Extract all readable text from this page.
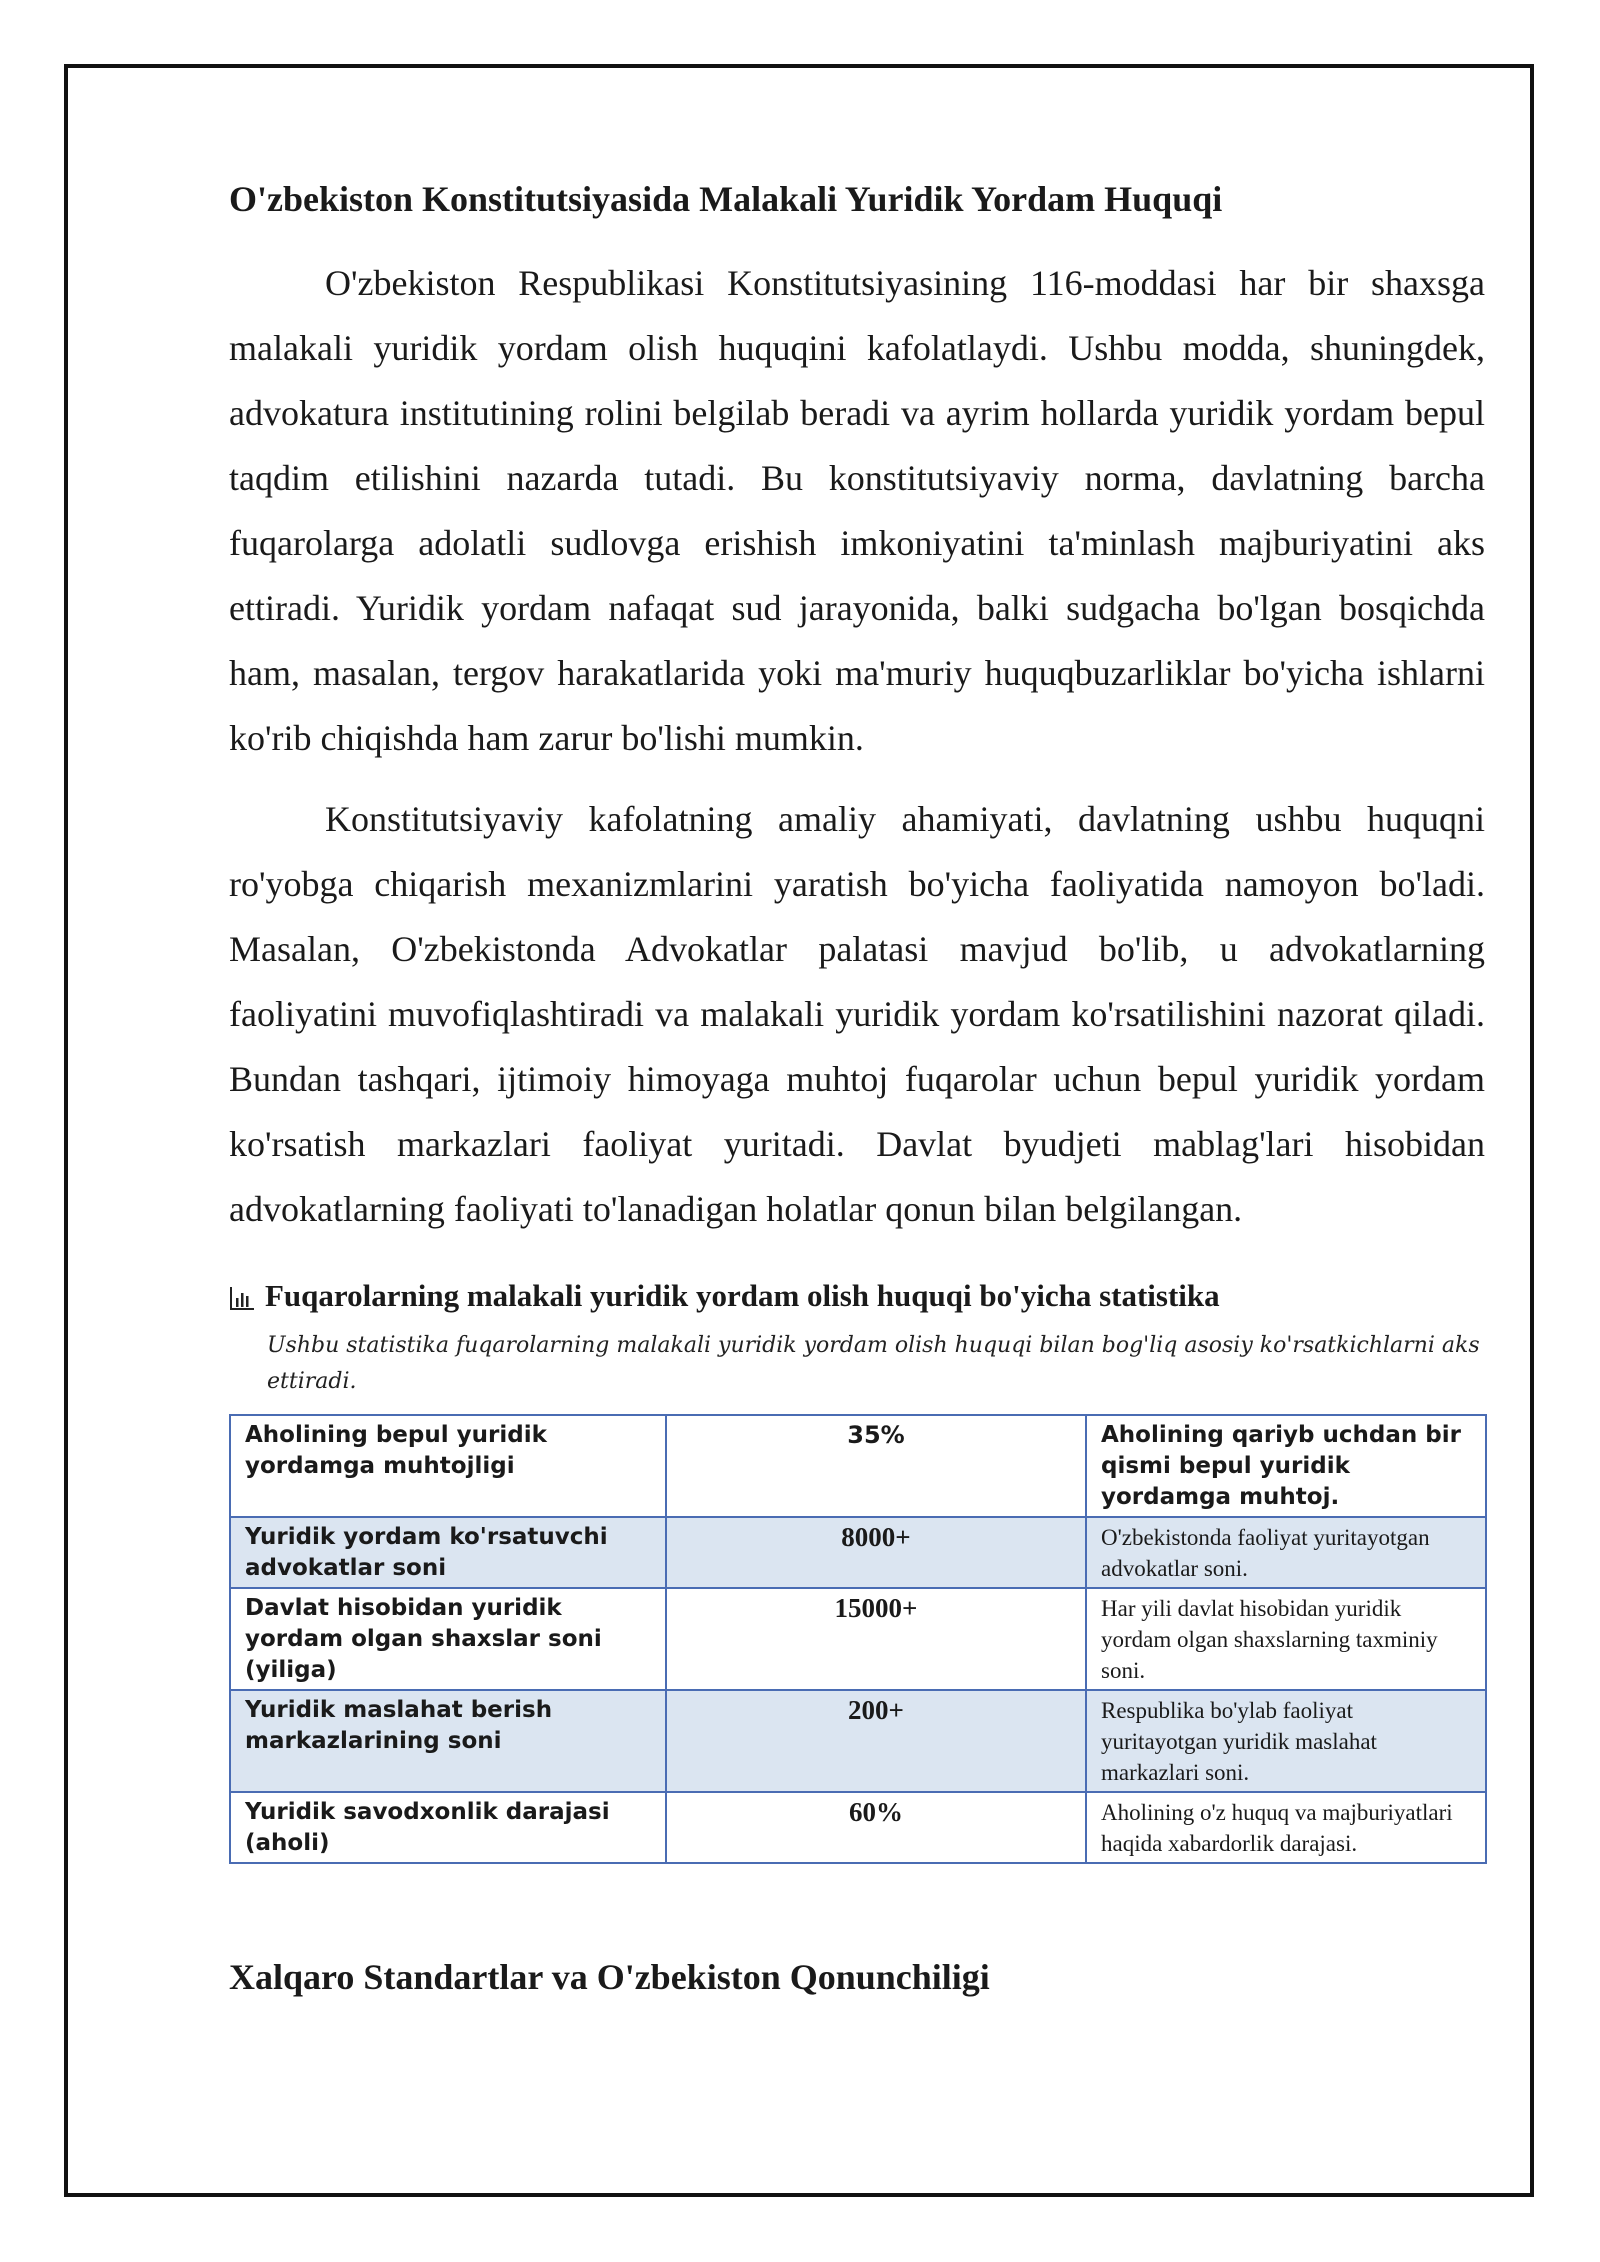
O'zbekiston Konstitutsiyasida Malakali Yuridik Yordam Huquqi

O'zbekiston Respublikasi Konstitutsiyasining 116-moddasi har bir shaxsga malakali yuridik yordam olish huquqini kafolatlaydi. Ushbu modda, shuningdek, advokatura institutining rolini belgilab beradi va ayrim hollarda yuridik yordam bepul taqdim etilishini nazarda tutadi. Bu konstitutsiyaviy norma, davlatning barcha fuqarolarga adolatli sudlovga erishish imkoniyatini ta'minlash majburiyatini aks ettiradi. Yuridik yordam nafaqat sud jarayonida, balki sudgacha bo'lgan bosqichda ham, masalan, tergov harakatlarida yoki ma'muriy huquqbuzarliklar bo'yicha ishlarni ko'rib chiqishda ham zarur bo'lishi mumkin.

Konstitutsiyaviy kafolatning amaliy ahamiyati, davlatning ushbu huquqni ro'yobga chiqarish mexanizmlarini yaratish bo'yicha faoliyatida namoyon bo'ladi. Masalan, O'zbekistonda Advokatlar palatasi mavjud bo'lib, u advokatlarning faoliyatini muvofiqlashtiradi va malakali yuridik yordam ko'rsatilishini nazorat qiladi. Bundan tashqari, ijtimoiy himoyaga muhtoj fuqarolar uchun bepul yuridik yordam ko'rsatish markazlari faoliyat yuritadi. Davlat byudjeti mablag'lari hisobidan advokatlarning faoliyati to'lanadigan holatlar qonun bilan belgilangan.

Fuqarolarning malakali yuridik yordam olish huquqi bo'yicha statistika
Ushbu statistika fuqarolarning malakali yuridik yordam olish huquqi bilan bog'liq asosiy ko'rsatkichlarni aks ettiradi.
Aholining bepul yuridik yordamga muhtojligi	35%	Aholining qariyb uchdan bir qismi bepul yuridik yordamga muhtoj.
Yuridik yordam ko'rsatuvchi advokatlar soni	8000+	O'zbekistonda faoliyat yuritayotgan advokatlar soni.
Davlat hisobidan yuridik yordam olgan shaxslar soni (yiliga)	15000+	Har yili davlat hisobidan yuridik yordam olgan shaxslarning taxminiy soni.
Yuridik maslahat berish markazlarining soni	200+	Respublika bo'ylab faoliyat yuritayotgan yuridik maslahat markazlari soni.
Yuridik savodxonlik darajasi (aholi)	60%	Aholining o'z huquq va majburiyatlari haqida xabardorlik darajasi.
Xalqaro Standartlar va O'zbekiston Qonunchiligi
